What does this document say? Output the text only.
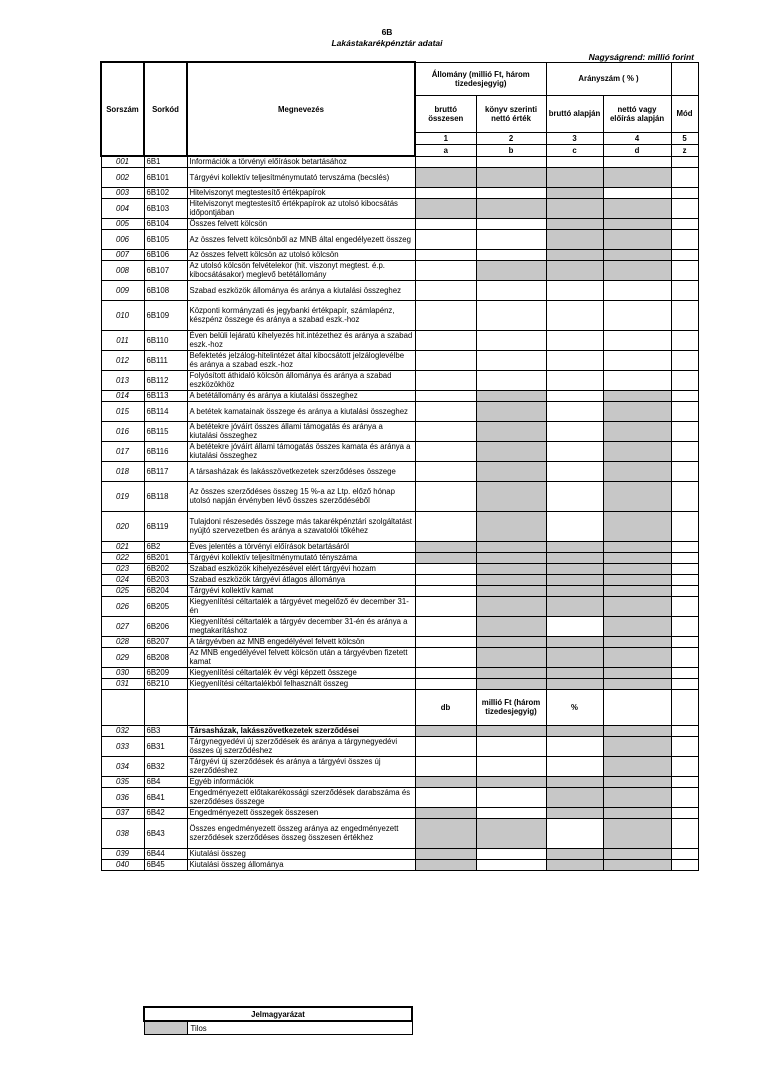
6B
Lakástakarékpénztár adatai
Nagyságrend: millió forint
Sorszám	Sorkód	Megnevezés	Állomány (millió Ft, három tizedesjegyig)		Arányszám ( % )		
			bruttó összesen	könyv szerinti nettó érték	bruttó alapján	nettó vagy előírás alapján	Mód
			1	2	3	4	5
			a	b	c	d	z
001	6B1	Információk a törvényi előírások betartásához					
002	6B101	Tárgyévi kollektív teljesítménymutató tervszáma (becslés)					
003	6B102	Hitelviszonyt megtestesítő értékpapírok					
004	6B103	Hitelviszonyt megtestesítő értékpapírok az utolsó kibocsátás időpontjában					
005	6B104	Összes felvett kölcsön					
006	6B105	Az összes felvett kölcsönből az MNB által engedélyezett összeg					
007	6B106	Az összes felvett kölcsön az utolsó kölcsön					
008	6B107	Az utolsó kölcsön felvételekor (hit. viszonyt megtest. é.p. kibocsátásakor) meglevő betétállomány					
009	6B108	Szabad eszközök állománya és aránya a kiutalási összeghez					
010	6B109	Központi kormányzati és jegybanki értékpapír, számlapénz, készpénz összege és aránya a szabad eszk.-hoz					
011	6B110	Éven belüli lejáratú kihelyezés hit.intézethez és aránya a szabad eszk.-hoz					
012	6B111	Befektetés jelzálog-hitelintézet által kibocsátott jelzáloglevélbe és aránya a szabad eszk.-hoz					
013	6B112	Folyósított áthidaló kölcsön állománya és aránya a szabad eszközökhöz					
014	6B113	A betétállomány és aránya a kiutalási összeghez					
015	6B114	A betétek kamatainak összege és aránya a kiutalási összeghez					
016	6B115	A betétekre jóváírt összes állami támogatás és aránya a kiutalási összeghez					
017	6B116	A betétekre jóváírt állami támogatás összes kamata és aránya a kiutalási összeghez					
018	6B117	A társasházak és lakásszövetkezetek szerződéses összege					
019	6B118	Az összes szerződéses összeg 15 %-a az Ltp. előző hónap utolsó napján érvényben lévő összes szerződéséből					
020	6B119	Tulajdoni részesedés összege más takarékpénztári szolgáltatást nyújtó szervezetben és aránya a szavatolói tőkéhez					
021	6B2	Éves jelentés a törvényi előírások betartásáról					
022	6B201	Tárgyévi kollektív teljesítménymutató tényszáma					
023	6B202	Szabad eszközök kihelyezésével elért tárgyévi hozam					
024	6B203	Szabad eszközök tárgyévi átlagos állománya					
025	6B204	Tárgyévi kollektív kamat					
026	6B205	Kiegyenlítési céltartalék a tárgyévet megelőző év december 31-én					
027	6B206	Kiegyenlítési céltartalék a tárgyév december 31-én és aránya a megtakarításhoz					
028	6B207	A tárgyévben az MNB engedélyével felvett kölcsön					
029	6B208	Az MNB engedélyével felvett kölcsön után a tárgyévben fizetett kamat					
030	6B209	Kiegyenlítési céltartalék év végi képzett összege					
031	6B210	Kiegyenlítési céltartalékból felhasznált összeg					
			db	millió Ft (három tizedesjegyig)	%		
032	6B3	Társasházak, lakásszövetkezetek szerződései					
033	6B31	Tárgynegyedévi új szerződések és aránya a tárgynegyedévi összes új szerződéshez					
034	6B32	Tárgyévi új szerződések és aránya a tárgyévi összes új szerződéshez					
035	6B4	Egyéb információk					
036	6B41	Engedményezett előtakarékossági szerződések darabszáma és szerződéses összege					
037	6B42	Engedményezett összegek összesen					
038	6B43	Összes engedményezett összeg aránya az engedményezett szerződések szerződéses összeg összesen értékhez					
039	6B44	Kiutalási összeg					
040	6B45	Kiutalási összeg állománya					
Jelmagyarázat
	Tilos
